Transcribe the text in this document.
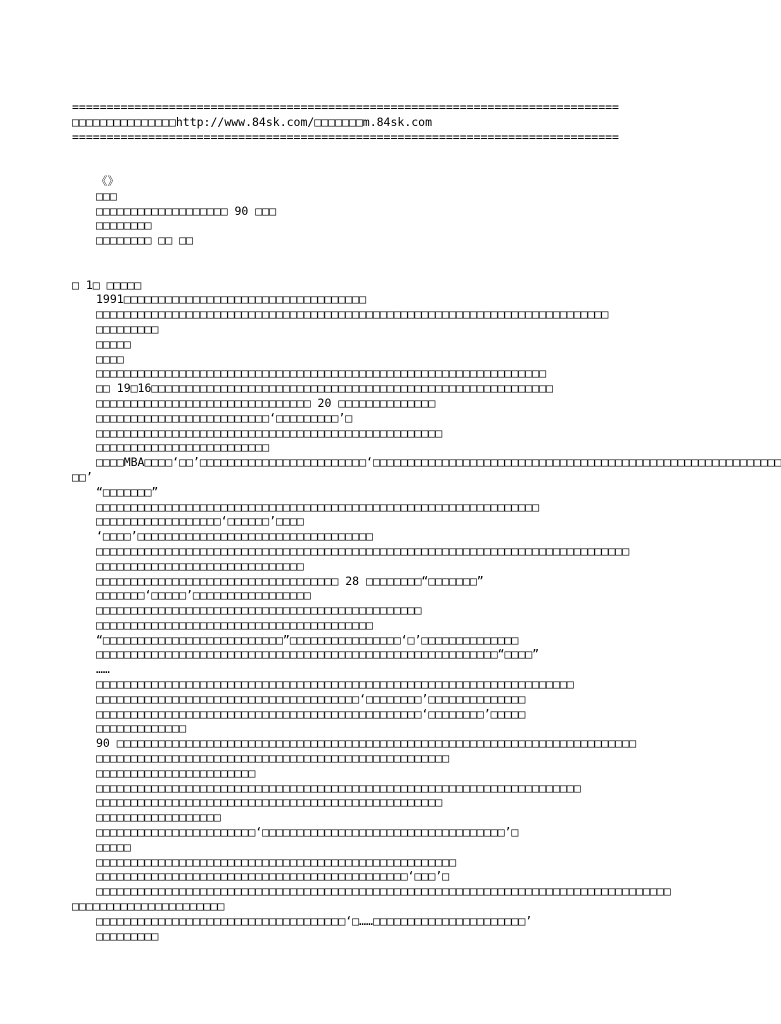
===============================================================================
□□□□□□□□□□□□□□□http://www.84sk.com/□□□□□□□m.84sk.com
===============================================================================
《》
□□□
□□□□□□□□□□□□□□□□□□□ 90 □□□
□□□□□□□□
□□□□□□□□ □□ □□
□ 1□ □□□□□
1991□□□□□□□□□□□□□□□□□□□□□□□□□□□□□□□□□□□
□□□□□□□□□□□□□□□□□□□□□□□□□□□□□□□□□□□□□□□□□□□□□□□□□□□□□□□□□□□□□□□□□□□□□□□□□□
□□□□□□□□□
□□□□□
□□□□
□□□□□□□□□□□□□□□□□□□□□□□□□□□□□□□□□□□□□□□□□□□□□□□□□□□□□□□□□□□□□□□□□
□□ 19□16□□□□□□□□□□□□□□□□□□□□□□□□□□□□□□□□□□□□□□□□□□□□□□□□□□□□□□□□□□
□□□□□□□□□□□□□□□□□□□□□□□□□□□□□□□ 20 □□□□□□□□□□□□□□
□□□□□□□□□□□□□□□□□□□□□□□□□‘□□□□□□□□□’□
□□□□□□□□□□□□□□□□□□□□□□□□□□□□□□□□□□□□□□□□□□□□□□□□□□
□□□□□□□□□□□□□□□□□□□□□□□□□
□□□□MBA□□□□‘□□’□□□□□□□□□□□□□□□□□□□□□□□□‘□□□□□□□□□□□□□□□□□□□□□□□□□□□□□□□□□□□□□□□□□□□□□□□□□□□□□□□□□□□
□□’
“□□□□□□□”
□□□□□□□□□□□□□□□□□□□□□□□□□□□□□□□□□□□□□□□□□□□□□□□□□□□□□□□□□□□□□□□□
□□□□□□□□□□□□□□□□□□‘□□□□□□’□□□□
‘□□□□’□□□□□□□□□□□□□□□□□□□□□□□□□□□□□□□□□□
□□□□□□□□□□□□□□□□□□□□□□□□□□□□□□□□□□□□□□□□□□□□□□□□□□□□□□□□□□□□□□□□□□□□□□□□□□□□□
□□□□□□□□□□□□□□□□□□□□□□□□□□□□□□
□□□□□□□□□□□□□□□□□□□□□□□□□□□□□□□□□□□ 28 □□□□□□□□“□□□□□□□”
□□□□□□□‘□□□□□’□□□□□□□□□□□□□□□□□
□□□□□□□□□□□□□□□□□□□□□□□□□□□□□□□□□□□□□□□□□□□□□□□
□□□□□□□□□□□□□□□□□□□□□□□□□□□□□□□□□□□□□□□□
“□□□□□□□□□□□□□□□□□□□□□□□□□□”□□□□□□□□□□□□□□□□‘□’□□□□□□□□□□□□□□
□□□□□□□□□□□□□□□□□□□□□□□□□□□□□□□□□□□□□□□□□□□□□□□□□□□□□□□□□□“□□□□”
……
□□□□□□□□□□□□□□□□□□□□□□□□□□□□□□□□□□□□□□□□□□□□□□□□□□□□□□□□□□□□□□□□□□□□□
□□□□□□□□□□□□□□□□□□□□□□□□□□□□□□□□□□□□□□‘□□□□□□□□’□□□□□□□□□□□□□□
□□□□□□□□□□□□□□□□□□□□□□□□□□□□□□□□□□□□□□□□□□□□□□□‘□□□□□□□□’□□□□□
□□□□□□□□□□□□□
90 □□□□□□□□□□□□□□□□□□□□□□□□□□□□□□□□□□□□□□□□□□□□□□□□□□□□□□□□□□□□□□□□□□□□□□□□□□□
□□□□□□□□□□□□□□□□□□□□□□□□□□□□□□□□□□□□□□□□□□□□□□□□□□□
□□□□□□□□□□□□□□□□□□□□□□□
□□□□□□□□□□□□□□□□□□□□□□□□□□□□□□□□□□□□□□□□□□□□□□□□□□□□□□□□□□□□□□□□□□□□□□
□□□□□□□□□□□□□□□□□□□□□□□□□□□□□□□□□□□□□□□□□□□□□□□□□□
□□□□□□□□□□□□□□□□□□
□□□□□□□□□□□□□□□□□□□□□□□‘□□□□□□□□□□□□□□□□□□□□□□□□□□□□□□□□□□□’□
□□□□□
□□□□□□□□□□□□□□□□□□□□□□□□□□□□□□□□□□□□□□□□□□□□□□□□□□□□
□□□□□□□□□□□□□□□□□□□□□□□□□□□□□□□□□□□□□□□□□□□□□‘□□□’□
□□□□□□□□□□□□□□□□□□□□□□□□□□□□□□□□□□□□□□□□□□□□□□□□□□□□□□□□□□□□□□□□□□□□□□□□□□□□□□□□□□□
□□□□□□□□□□□□□□□□□□□□□□
□□□□□□□□□□□□□□□□□□□□□□□□□□□□□□□□□□□□‘□……□□□□□□□□□□□□□□□□□□□□□□’
□□□□□□□□□
